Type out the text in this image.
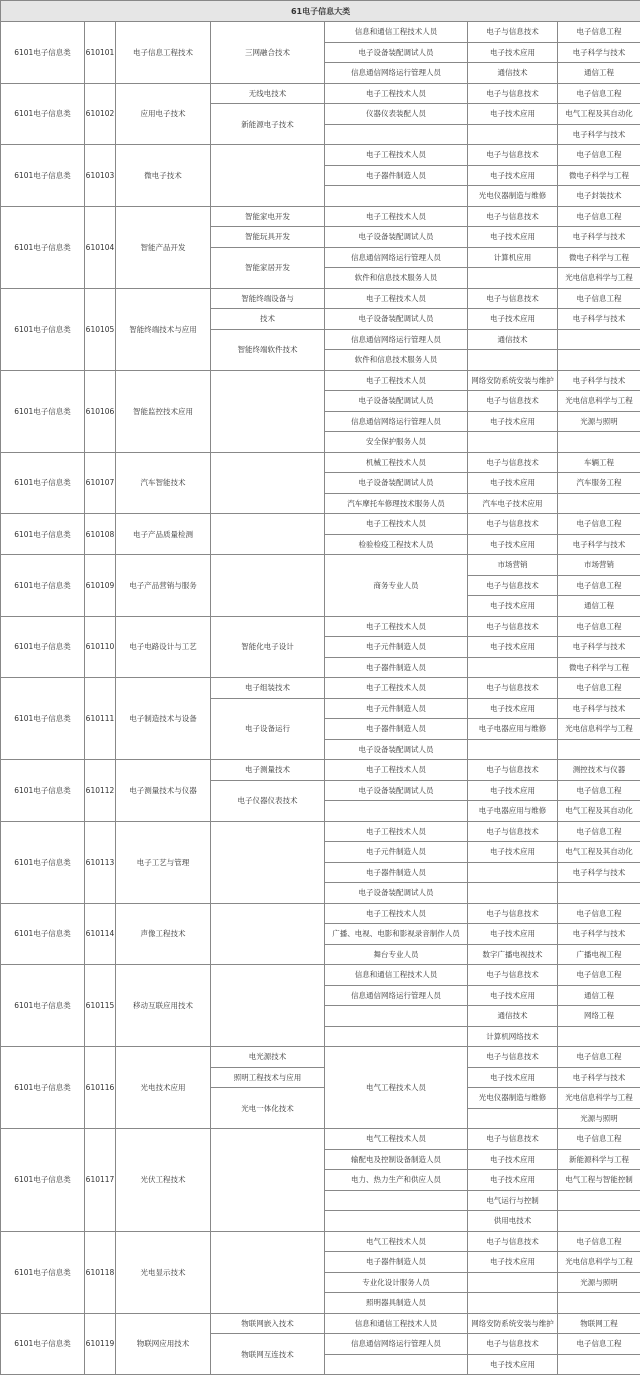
61电子信息大类						
6101电子信息类	610101	电子信息工程技术	三网融合技术	信息和通信工程技术人员	电子与信息技术	电子信息工程
				电子设备装配调试人员	电子技术应用	电子科学与技术
				信息通信网络运行管理人员	通信技术	通信工程
6101电子信息类	610102	应用电子技术	无线电技术	电子工程技术人员	电子与信息技术	电子信息工程
			新能源电子技术	仪器仪表装配人员	电子技术应用	电气工程及其自动化
						电子科学与技术
6101电子信息类	610103	微电子技术		电子工程技术人员	电子与信息技术	电子信息工程
				电子器件制造人员	电子技术应用	微电子科学与工程
					光电仪器制造与维修	电子封装技术
6101电子信息类	610104	智能产品开发	智能家电开发	电子工程技术人员	电子与信息技术	电子信息工程
			智能玩具开发	电子设备装配调试人员	电子技术应用	电子科学与技术
			智能家居开发	信息通信网络运行管理人员	计算机应用	微电子科学与工程
				软件和信息技术服务人员		光电信息科学与工程
6101电子信息类	610105	智能终端技术与应用	智能终端设备与	电子工程技术人员	电子与信息技术	电子信息工程
			技术	电子设备装配调试人员	电子技术应用	电子科学与技术
			智能终端软件技术	信息通信网络运行管理人员	通信技术	
				软件和信息技术服务人员		
6101电子信息类	610106	智能监控技术应用		电子工程技术人员	网络安防系统安装与维护	电子科学与技术
				电子设备装配调试人员	电子与信息技术	光电信息科学与工程
				信息通信网络运行管理人员	电子技术应用	光源与照明
				安全保护服务人员		
6101电子信息类	610107	汽车智能技术		机械工程技术人员	电子与信息技术	车辆工程
				电子设备装配调试人员	电子技术应用	汽车服务工程
				汽车摩托车修理技术服务人员	汽车电子技术应用	
6101电子信息类	610108	电子产品质量检测		电子工程技术人员	电子与信息技术	电子信息工程
				检验检疫工程技术人员	电子技术应用	电子科学与技术
6101电子信息类	610109	电子产品营销与服务		商务专业人员	市场营销	市场营销
					电子与信息技术	电子信息工程
					电子技术应用	通信工程
6101电子信息类	610110	电子电路设计与工艺	智能化电子设计	电子工程技术人员	电子与信息技术	电子信息工程
				电子元件制造人员	电子技术应用	电子科学与技术
				电子器件制造人员		微电子科学与工程
6101电子信息类	610111	电子制造技术与设备	电子组装技术	电子工程技术人员	电子与信息技术	电子信息工程
			电子设备运行	电子元件制造人员	电子技术应用	电子科学与技术
				电子器件制造人员	电子电器应用与维修	光电信息科学与工程
				电子设备装配调试人员		
6101电子信息类	610112	电子测量技术与仪器	电子测量技术	电子工程技术人员	电子与信息技术	测控技术与仪器
			电子仪器仪表技术	电子设备装配调试人员	电子技术应用	电子信息工程
					电子电器应用与维修	电气工程及其自动化
6101电子信息类	610113	电子工艺与管理		电子工程技术人员	电子与信息技术	电子信息工程
				电子元件制造人员	电子技术应用	电气工程及其自动化
				电子器件制造人员		电子科学与技术
				电子设备装配调试人员		
6101电子信息类	610114	声像工程技术		电子工程技术人员	电子与信息技术	电子信息工程
				广播、电视、电影和影视录音制作人员	电子技术应用	电子科学与技术
				舞台专业人员	数字广播电视技术	广播电视工程
6101电子信息类	610115	移动互联应用技术		信息和通信工程技术人员	电子与信息技术	电子信息工程
				信息通信网络运行管理人员	电子技术应用	通信工程
					通信技术	网络工程
					计算机网络技术	
6101电子信息类	610116	光电技术应用	电光源技术	电气工程技术人员	电子与信息技术	电子信息工程
			照明工程技术与应用		电子技术应用	电子科学与技术
			光电一体化技术		光电仪器制造与维修	光电信息科学与工程
						光源与照明
6101电子信息类	610117	光伏工程技术		电气工程技术人员	电子与信息技术	电子信息工程
				输配电及控制设备制造人员	电子技术应用	新能源科学与工程
				电力、热力生产和供应人员	电子技术应用	电气工程与智能控制
					电气运行与控制	
					供用电技术	
6101电子信息类	610118	光电显示技术		电气工程技术人员	电子与信息技术	电子信息工程
				电子器件制造人员	电子技术应用	光电信息科学与工程
				专业化设计服务人员		光源与照明
				照明器具制造人员		
6101电子信息类	610119	物联网应用技术	物联网嵌入技术	信息和通信工程技术人员	网络安防系统安装与维护	物联网工程
			物联网互连技术	信息通信网络运行管理人员	电子与信息技术	电子信息工程
					电子技术应用	
